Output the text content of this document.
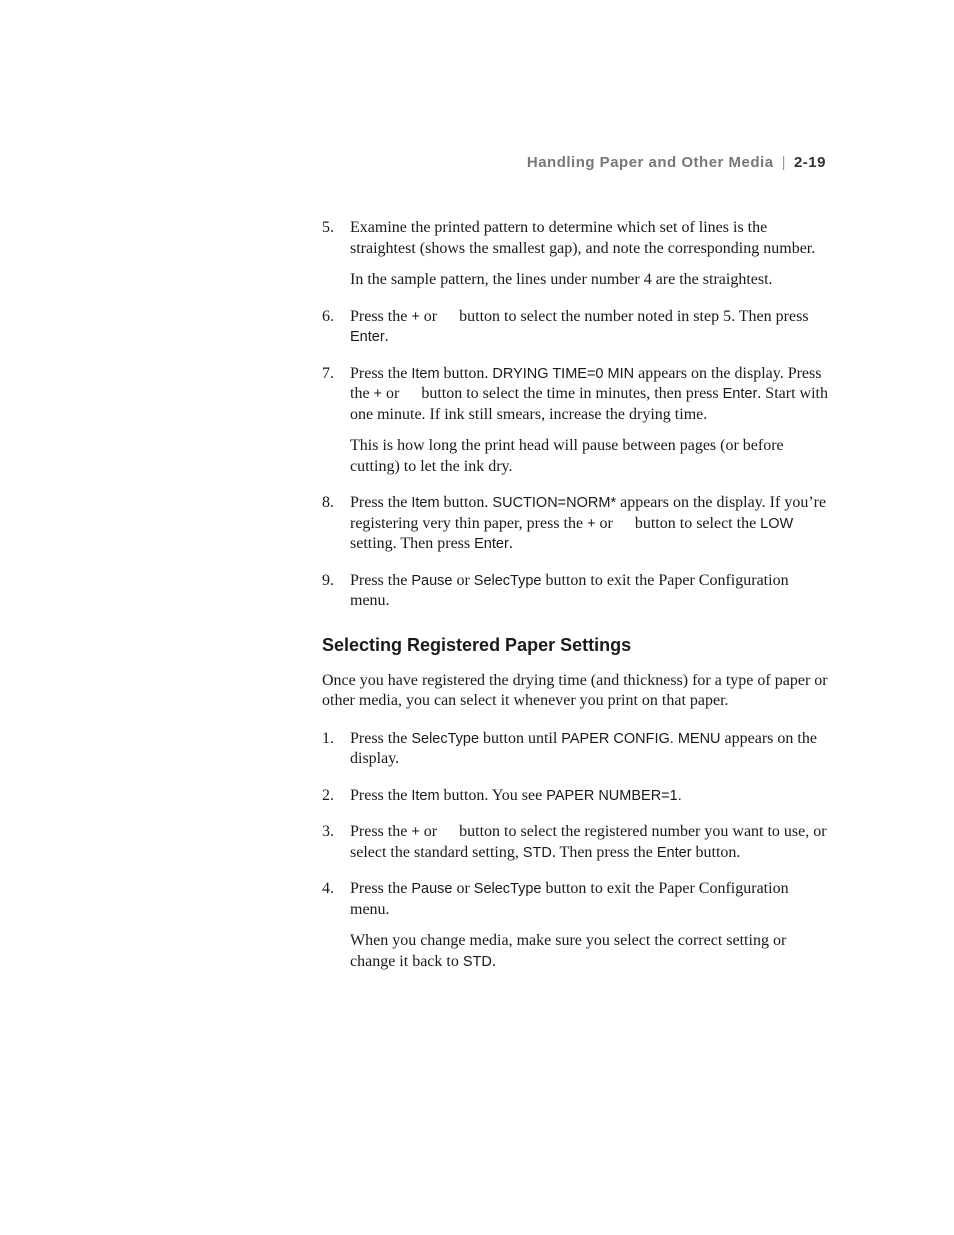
Handling Paper and Other Media | 2-19
5. Examine the printed pattern to determine which set of lines is the straightest (shows the smallest gap), and note the corresponding number.

In the sample pattern, the lines under number 4 are the straightest.

6. Press the + or  button to select the number noted in step 5. Then press Enter.

7. Press the Item button. DRYING TIME=0 MIN appears on the display. Press the + or  button to select the time in minutes, then press Enter. Start with one minute. If ink still smears, increase the drying time.

This is how long the print head will pause between pages (or before cutting) to let the ink dry.

8. Press the Item button. SUCTION=NORM* appears on the display. If you’re registering very thin paper, press the + or  button to select the LOW setting. Then press Enter.

9. Press the Pause or SelecType button to exit the Paper Configuration menu.

Selecting Registered Paper Settings

Once you have registered the drying time (and thickness) for a type of paper or other media, you can select it whenever you print on that paper.

1. Press the SelecType button until PAPER CONFIG. MENU appears on the display.

2. Press the Item button. You see PAPER NUMBER=1.

3. Press the + or  button to select the registered number you want to use, or select the standard setting, STD. Then press the Enter button.

4. Press the Pause or SelecType button to exit the Paper Configuration menu.

When you change media, make sure you select the correct setting or change it back to STD.
